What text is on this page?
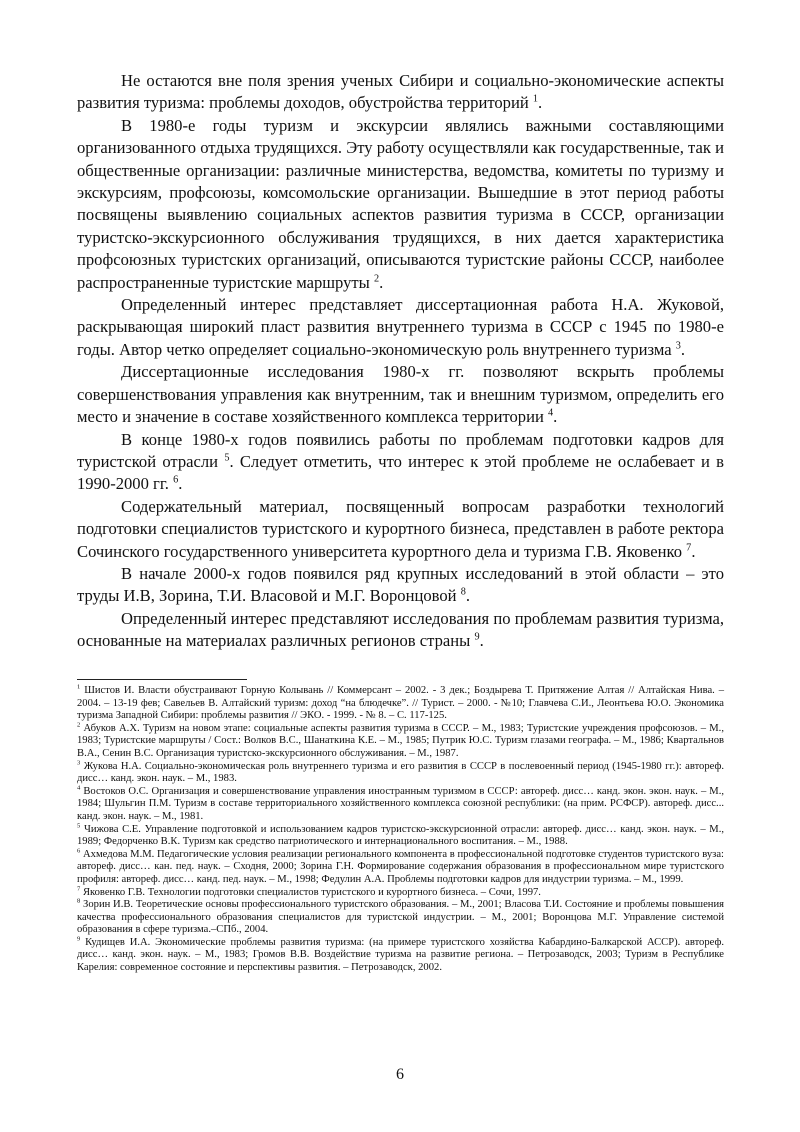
Не остаются вне поля зрения ученых Сибири и социально-экономические аспекты развития туризма: проблемы доходов, обустройства территорий $^1$.

В 1980-е годы туризм и экскурсии являлись важными составляющими организованного отдыха трудящихся. Эту работу осуществляли как государственные, так и общественные организации: различные министерства, ведомства, комитеты по туризму и экскурсиям, профсоюзы, комсомольские организации. Вышедшие в этот период работы посвящены выявлению социальных аспектов развития туризма в СССР, организации туристско-экскурсионного обслуживания трудящихся, в них дается характеристика профсоюзных туристских организаций, описываются туристские районы СССР, наиболее распространенные туристские маршруты $^2$.

Определенный интерес представляет диссертационная работа Н.А. Жуковой, раскрывающая широкий пласт развития внутреннего туризма в СССР с 1945 по 1980-е годы. Автор четко определяет социально-экономическую роль внутреннего туризма $^3$.

Диссертационные исследования 1980-х гг. позволяют вскрыть проблемы совершенствования управления как внутренним, так и внешним туризмом, определить его место и значение в составе хозяйственного комплекса территории $^4$.

В конце 1980-х годов появились работы по проблемам подготовки кадров для туристской отрасли $^5$. Следует отметить, что интерес к этой проблеме не ослабевает и в 1990-2000 гг. $^6$.

Содержательный материал, посвященный вопросам разработки технологий подготовки специалистов туристского и курортного бизнеса, представлен в работе ректора Сочинского государственного университета курортного дела и туризма Г.В. Яковенко $^7$.

В начале 2000-х годов появился ряд крупных исследований в этой области – это труды И.В, Зорина, Т.И. Власовой и М.Г. Воронцовой $^8$.

Определенный интерес представляют исследования по проблемам развития туризма, основанные на материалах различных регионов страны $^9$.

$^1$ Шистов И. Власти обустраивают Горную Колывань // Коммерсант – 2002. - 3 дек.; Боздырева Т. Притяжение Алтая // Алтайская Нива. – 2004. – 13-19 фев; Савельев В. Алтайский туризм: доход “на блюдечке”. // Турист. – 2000. - №10; Главчева С.И., Леонтьева Ю.О. Экономика туризма Западной Сибири: проблемы развития // ЭКО. - 1999. - № 8. – С. 117-125.

$^2$ Абуков А.Х. Туризм на новом этапе: социальные аспекты развития туризма в СССР. – М., 1983; Туристские учреждения профсоюзов. – М., 1983; Туристские маршруты / Сост.: Волков В.С., Шанаткина К.Е. – М., 1985; Путрик Ю.С. Туризм глазами географа. – М., 1986; Квартальнов В.А., Сенин В.С. Организация туристско-экскурсионного обслуживания. – М., 1987.

$^3$ Жукова Н.А. Социально-экономическая роль внутреннего туризма и его развития в СССР в послевоенный период (1945-1980 гг.): автореф. дисс… канд. экон. наук. – М., 1983.

$^4$ Востоков О.С. Организация и совершенствование управления иностранным туризмом в СССР: автореф. дисс… канд. экон. экон. наук. – М., 1984; Шульгин П.М. Туризм в составе территориального хозяйственного комплекса союзной республики: (на прим. РСФСР). автореф. дисс... канд. экон. наук. – М., 1981.

$^5$ Чижова С.Е. Управление подготовкой и использованием кадров туристско-экскурсионной отрасли: автореф. дисс… канд. экон. наук. – М., 1989; Федорченко В.К. Туризм как средство патриотического и интернационального воспитания. – М., 1988.

$^6$ Ахмедова М.М. Педагогические условия реализации регионального компонента в профессиональной подготовке студентов туристского вуза: автореф. дисс… кан. пед. наук. – Сходня, 2000; Зорина Г.Н. Формирование содержания образования в профессиональном мире туристского профиля: автореф. дисс… канд. пед. наук. – М., 1998; Федулин А.А. Проблемы подготовки кадров для индустрии туризма. – М., 1999.

$^7$ Яковенко Г.В. Технологии подготовки специалистов туристского и курортного бизнеса. – Сочи, 1997.

$^8$ Зорин И.В. Теоретические основы профессионального туристского образования. – М., 2001; Власова Т.И. Состояние и проблемы повышения качества профессионального образования специалистов для туристской индустрии. – М., 2001; Воронцова М.Г. Управление системой образования в сфере туризма.–СПб., 2004.

$^9$ Кудищев И.А. Экономические проблемы развития туризма: (на примере туристского хозяйства Кабардино-Балкарской АССР). автореф. дисс… канд. экон. наук. – М., 1983; Громов В.В. Воздействие туризма на развитие региона. – Петрозаводск, 2003; Туризм в Республике Карелия: современное состояние и перспективы развития. – Петрозаводск, 2002.

6
